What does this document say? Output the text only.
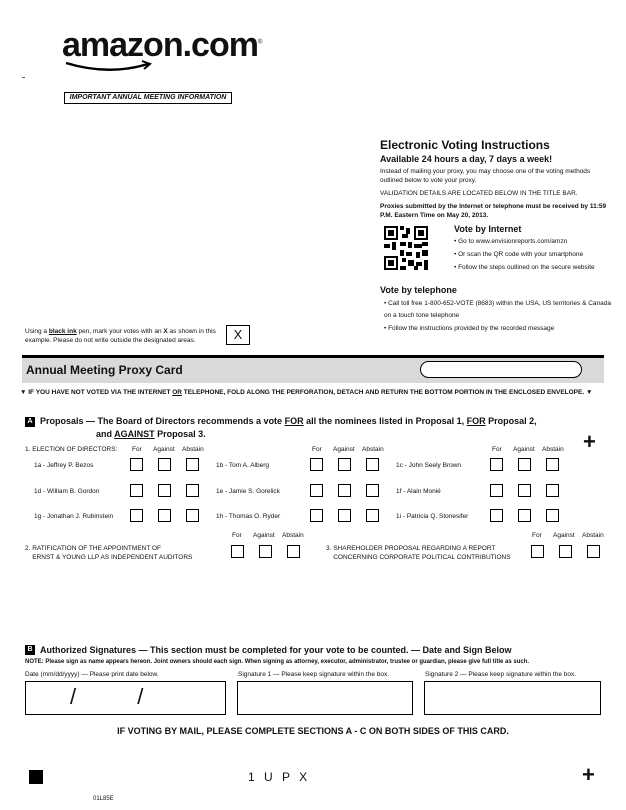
amazon.com®
IMPORTANT ANNUAL MEETING INFORMATION
Electronic Voting Instructions
Available 24 hours a day, 7 days a week!
Instead of mailing your proxy, you may choose one of the voting methods outlined below to vote your proxy.
VALIDATION DETAILS ARE LOCATED BELOW IN THE TITLE BAR.
Proxies submitted by the Internet or telephone must be received by 11:59 P.M. Eastern Time on May 20, 2013.
Vote by Internet
• Go to www.envisionreports.com/amzn
• Or scan the QR code with your smartphone
• Follow the steps outlined on the secure website
Vote by telephone
• Call toll free 1-800-652-VOTE (8683) within the USA, US territories & Canada on a touch tone telephone
• Follow the instructions provided by the recorded message
Using a black ink pen, mark your votes with an X as shown in this example. Please do not write outside the designated areas.	X
Annual Meeting Proxy Card
▼ IF YOU HAVE NOT VOTED VIA THE INTERNET OR TELEPHONE, FOLD ALONG THE PERFORATION, DETACH AND RETURN THE BOTTOM PORTION IN THE ENCLOSED ENVELOPE. ▼
A Proposals — The Board of Directors recommends a vote FOR all the nominees listed in Proposal 1, FOR Proposal 2,
and AGAINST Proposal 3.	+
1. ELECTION OF DIRECTORS: For Against Abstain	For Against Abstain	For Against Abstain
1a - Jeffrey P. Bezos	1b - Tom A. Alberg	1c - John Seely Brown
1d - William B. Gordon	1e - Jamie S. Gorelick	1f - Alain Monié
1g - Jonathan J. Rubinstein	1h - Thomas O. Ryder	1i - Patricia Q. Stonesifer
For Against Abstain
2. RATIFICATION OF THE APPOINTMENT OF
ERNST & YOUNG LLP AS INDEPENDENT AUDITORS
For Against Abstain
3. SHAREHOLDER PROPOSAL REGARDING A REPORT
CONCERNING CORPORATE POLITICAL CONTRIBUTIONS
B Authorized Signatures — This section must be completed for your vote to be counted. — Date and Sign Below
NOTE: Please sign as name appears hereon. Joint owners should each sign. When signing as attorney, executor, administrator, trustee or guardian, please give full title as such.
Date (mm/dd/yyyy) — Please print date below.	Signature 1 — Please keep signature within the box.	Signature 2 — Please keep signature within the box.
/          /
IF VOTING BY MAIL, PLEASE COMPLETE SECTIONS A - C ON BOTH SIDES OF THIS CARD.
1 U P X	+
01L85E
